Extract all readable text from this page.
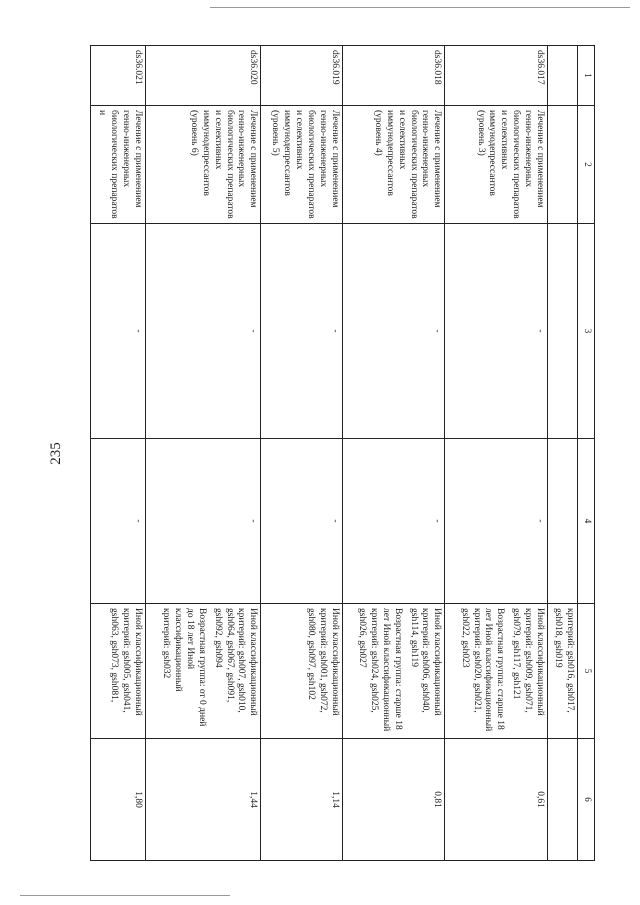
235
1	2	3	4	5	6
				критерий: gsh016, gsh017, gsh018, gsh019	
ds36.017	Лечение с применением генно-инженерных биологических препаратов и селективных иммунодепрессантов (уровень 3)	-	-	Иной классификационный критерий: gsh009, gsh071, gsh079, gsh117, gsh121
Возрастная группа: старше 18 лет Иной классификационный критерий: gsh020, gsh021, gsh022, gsh023	0,61
ds36.018	Лечение с применением генно-инженерных биологических препаратов и селективных иммунодепрессантов (уровень 4)	-	-	Иной классификационный критерий: gsh006, gsh040, gsh114, gsh119
Возрастная группа: старше 18 лет Иной классификационный критерий: gsh024, gsh025, gsh026, gsh027	0,81
ds36.019	Лечение с применением генно-инженерных биологических препаратов и селективных иммунодепрессантов (уровень 5)	-	-	Иной классификационный критерий: gsh001, gsh072, gsh080, gsh097, gsh102	1,14
ds36.020	Лечение с применением генно-инженерных биологических препаратов и селективных иммунодепрессантов (уровень 6)	-	-	Иной классификационный критерий: gsh007, gsh010, gsh064, gsh067, gsh091, gsh092, gsh094
Возрастная группа: от 0 дней до 18 лет Иной классификационный критерий: gsh032	1,44
ds36.021	Лечение с применением генно-инженерных биологических препаратов и	-	-	Иной классификационный критерий: gsh005, gsh041, gsh063, gsh073, gsh081,	1,80
